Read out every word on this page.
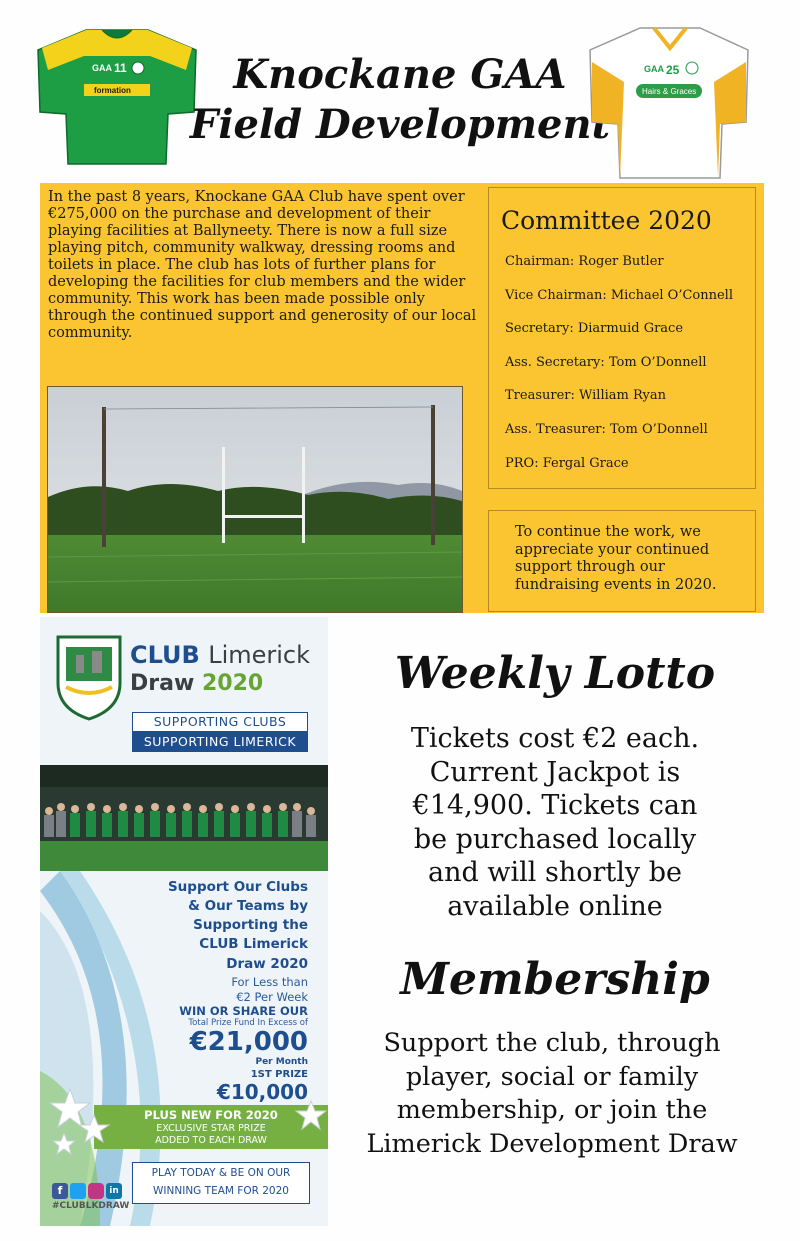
GAA 11
formation	Knockane GAA
Field Development
Hairs & Graces
GAA 25
In the past 8 years, Knockane GAA Club have spent over €275,000 on the purchase and development of their playing facilities at Ballyneety. There is now a full size playing pitch, community walkway, dressing rooms and toilets in place. The club has lots of further plans for developing the facilities for club members and the wider community. This work has been made possible only through the continued support and generosity of our local community.
Committee 2020
Chairman: Roger Butler
Vice Chairman: Michael O’Connell
Secretary: Diarmuid Grace
Ass. Secretary: Tom O’Donnell
Treasurer: William Ryan
Ass. Treasurer: Tom O’Donnell
PRO: Fergal Grace

To continue the work, we appreciate your continued support through our fundraising events in 2020.

CLUB Limerick
Draw 2020
SUPPORTING CLUBS
SUPPORTING LIMERICK
Support Our Clubs
& Our Teams by
Supporting the
CLUB Limerick
Draw 2020
For Less than
€2 Per Week
WIN OR SHARE OUR
Total Prize Fund In Excess of
€21,000
Per Month
1ST PRIZE
€10,000
PLUS NEW FOR 2020
EXCLUSIVE STAR PRIZE
ADDED TO EACH DRAW
PLAY TODAY & BE ON OUR
WINNING TEAM FOR 2020
f	in
#CLUBLKDRAW
Weekly Lotto
Tickets cost €2 each.
Current Jackpot is
€14,900. Tickets can
be purchased locally
and will shortly be
available online
Membership
Support the club, through
player, social or family
membership, or join the
Limerick Development Draw
